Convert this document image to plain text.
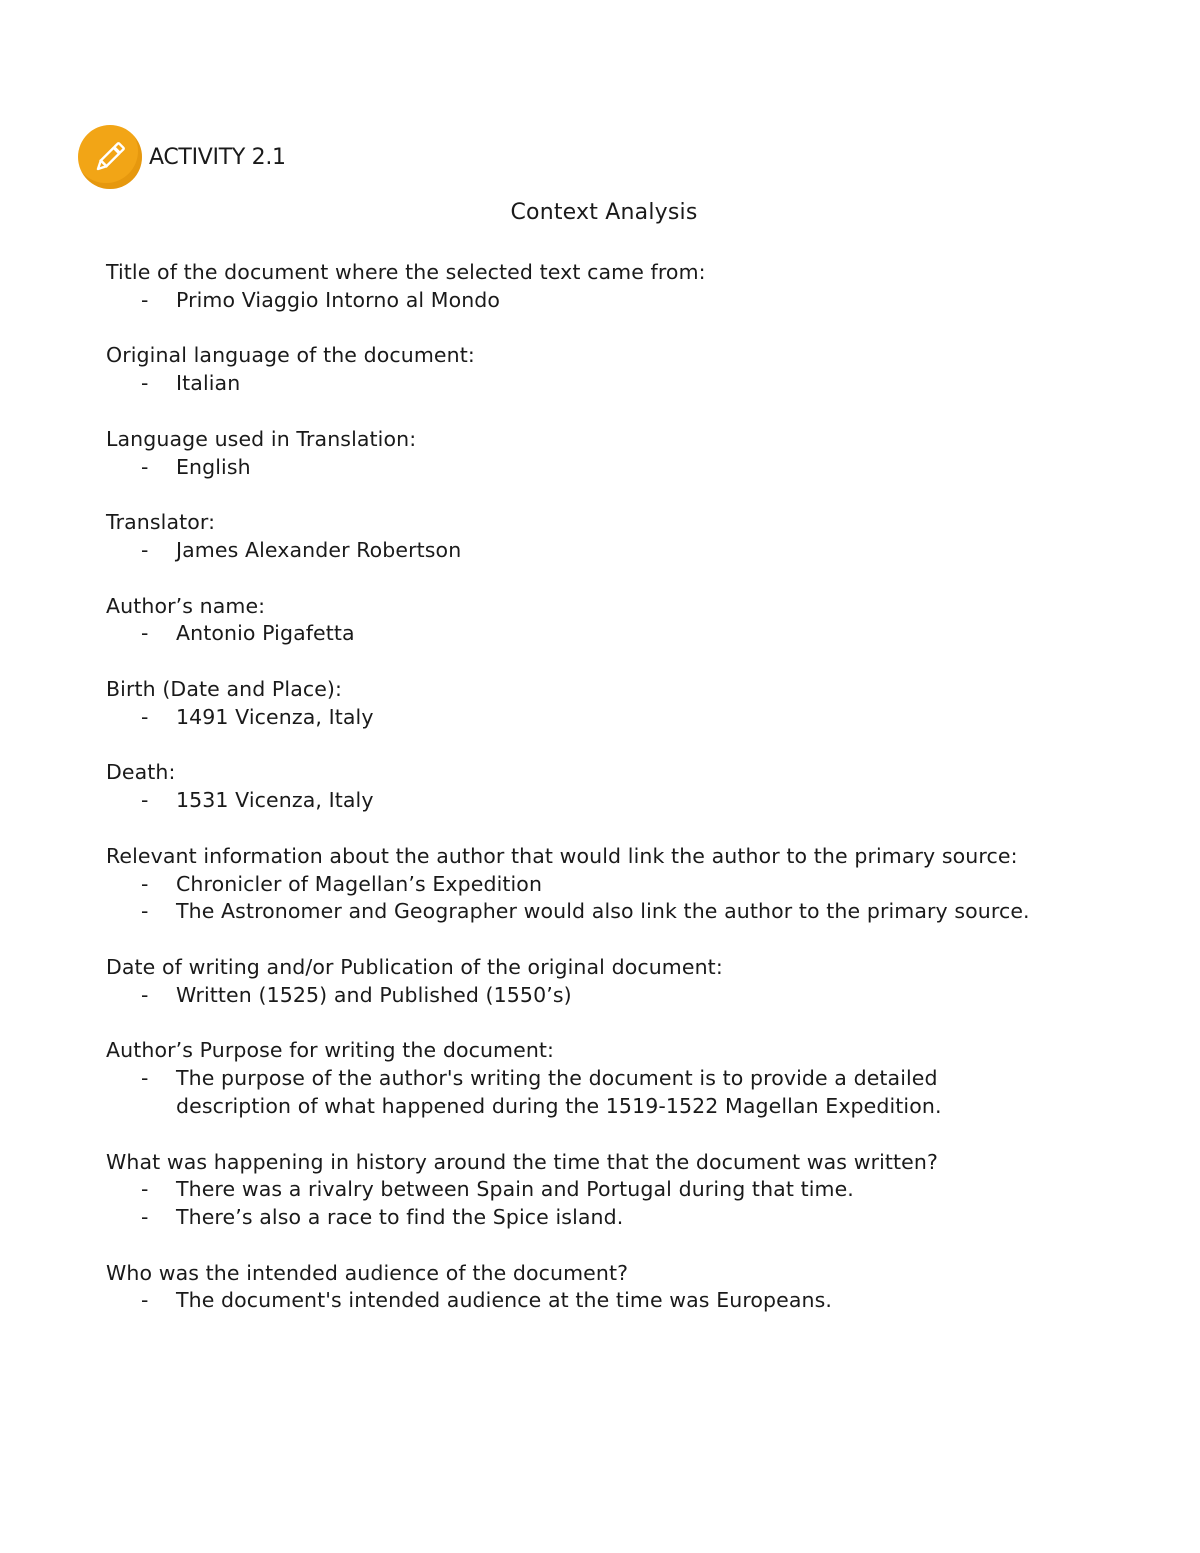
ACTIVITY 2.1
Context Analysis

Title of the document where the selected text came from:

- Primo Viaggio Intorno al Mondo

Original language of the document:

- Italian

Language used in Translation:

- English

Translator:

- James Alexander Robertson

Author’s name:

- Antonio Pigafetta

Birth (Date and Place):

- 1491 Vicenza, Italy

Death:

- 1531 Vicenza, Italy

Relevant information about the author that would link the author to the primary source:

- Chronicler of Magellan’s Expedition

- The Astronomer and Geographer would also link the author to the primary source.

Date of writing and/or Publication of the original document:

- Written (1525) and Published (1550’s)

Author’s Purpose for writing the document:

- The purpose of the author's writing the document is to provide a detailed description of what happened during the 1519-1522 Magellan Expedition.

What was happening in history around the time that the document was written?

- There was a rivalry between Spain and Portugal during that time.

- There’s also a race to find the Spice island.

Who was the intended audience of the document?

- The document's intended audience at the time was Europeans.
